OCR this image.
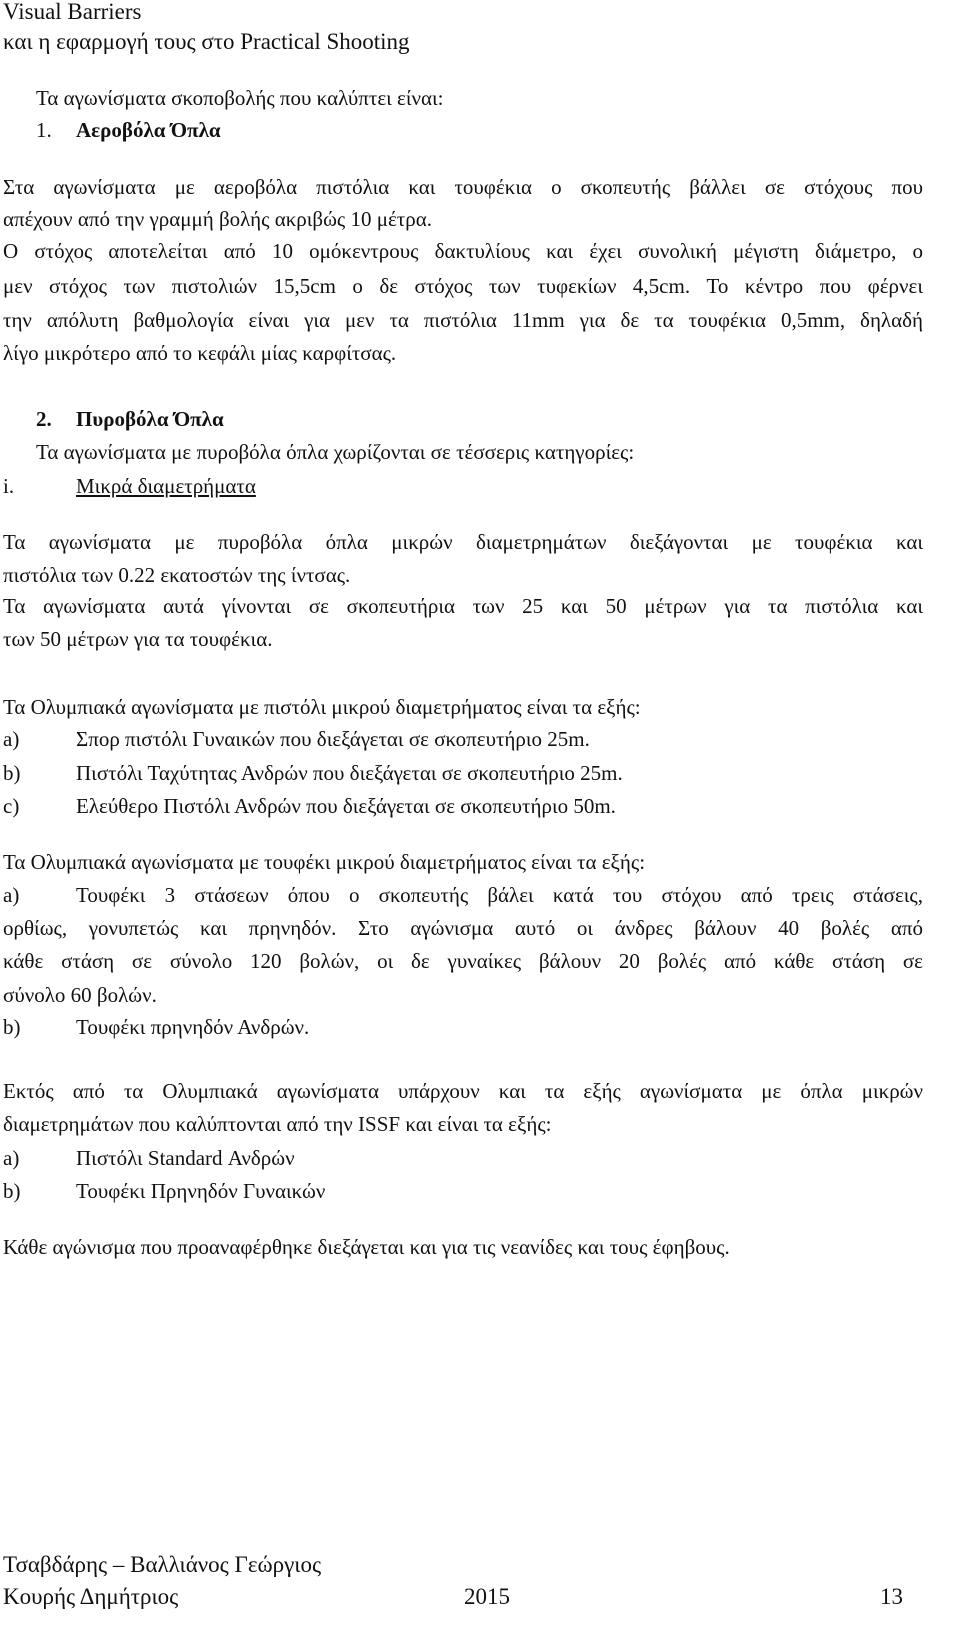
Visual Barriers
και η εφαρμογή τους στο Practical Shooting
Τα αγωνίσματα σκοποβολής που καλύπτει είναι:
1. Αεροβόλα Όπλα
Στα αγωνίσματα με αεροβόλα πιστόλια και τουφέκια ο σκοπευτής βάλλει σε στόχους που
απέχουν από την γραμμή βολής ακριβώς 10 μέτρα.
Ο στόχος αποτελείται από 10 ομόκεντρους δακτυλίους και έχει συνολική μέγιστη διάμετρο, ο
μεν στόχος των πιστολιών 15,5cm ο δε στόχος των τυφεκίων 4,5cm. Το κέντρο που φέρνει
την απόλυτη βαθμολογία είναι για μεν τα πιστόλια 11mm για δε τα τουφέκια 0,5mm, δηλαδή
λίγο μικρότερο από το κεφάλι μίας καρφίτσας.
2. Πυροβόλα Όπλα
Τα αγωνίσματα με πυροβόλα όπλα χωρίζονται σε τέσσερις κατηγορίες:
i.	Μικρά διαμετρήματα
Τα αγωνίσματα με πυροβόλα όπλα μικρών διαμετρημάτων διεξάγονται με τουφέκια και
πιστόλια των 0.22 εκατοστών της ίντσας.
Τα αγωνίσματα αυτά γίνονται σε σκοπευτήρια των 25 και 50 μέτρων για τα πιστόλια και
των 50 μέτρων για τα τουφέκια.
Τα Ολυμπιακά αγωνίσματα με πιστόλι μικρού διαμετρήματος είναι τα εξής:
a)	Σπορ πιστόλι Γυναικών που διεξάγεται σε σκοπευτήριο 25m.
b)	Πιστόλι Ταχύτητας Ανδρών που διεξάγεται σε σκοπευτήριο 25m.
c)	Ελεύθερο Πιστόλι Ανδρών που διεξάγεται σε σκοπευτήριο 50m.
Τα Ολυμπιακά αγωνίσματα με τουφέκι μικρού διαμετρήματος είναι τα εξής:
a)	Τουφέκι 3 στάσεων όπου ο σκοπευτής βάλει κατά του στόχου από τρεις στάσεις,
ορθίως, γονυπετώς και πρηνηδόν. Στο αγώνισμα αυτό οι άνδρες βάλουν 40 βολές από
κάθε στάση σε σύνολο 120 βολών, οι δε γυναίκες βάλουν 20 βολές από κάθε στάση σε
σύνολο 60 βολών.
b)	Τουφέκι πρηνηδόν Ανδρών.
Εκτός από τα Ολυμπιακά αγωνίσματα υπάρχουν και τα εξής αγωνίσματα με όπλα μικρών
διαμετρημάτων που καλύπτονται από την ISSF και είναι τα εξής:
a)	Πιστόλι Standard Ανδρών
b)	Τουφέκι Πρηνηδόν Γυναικών
Κάθε αγώνισμα που προαναφέρθηκε διεξάγεται και για τις νεανίδες και τους έφηβους.
Τσαβδάρης – Βαλλιάνος Γεώργιος
Κουρής Δημήτριος	2015	13
